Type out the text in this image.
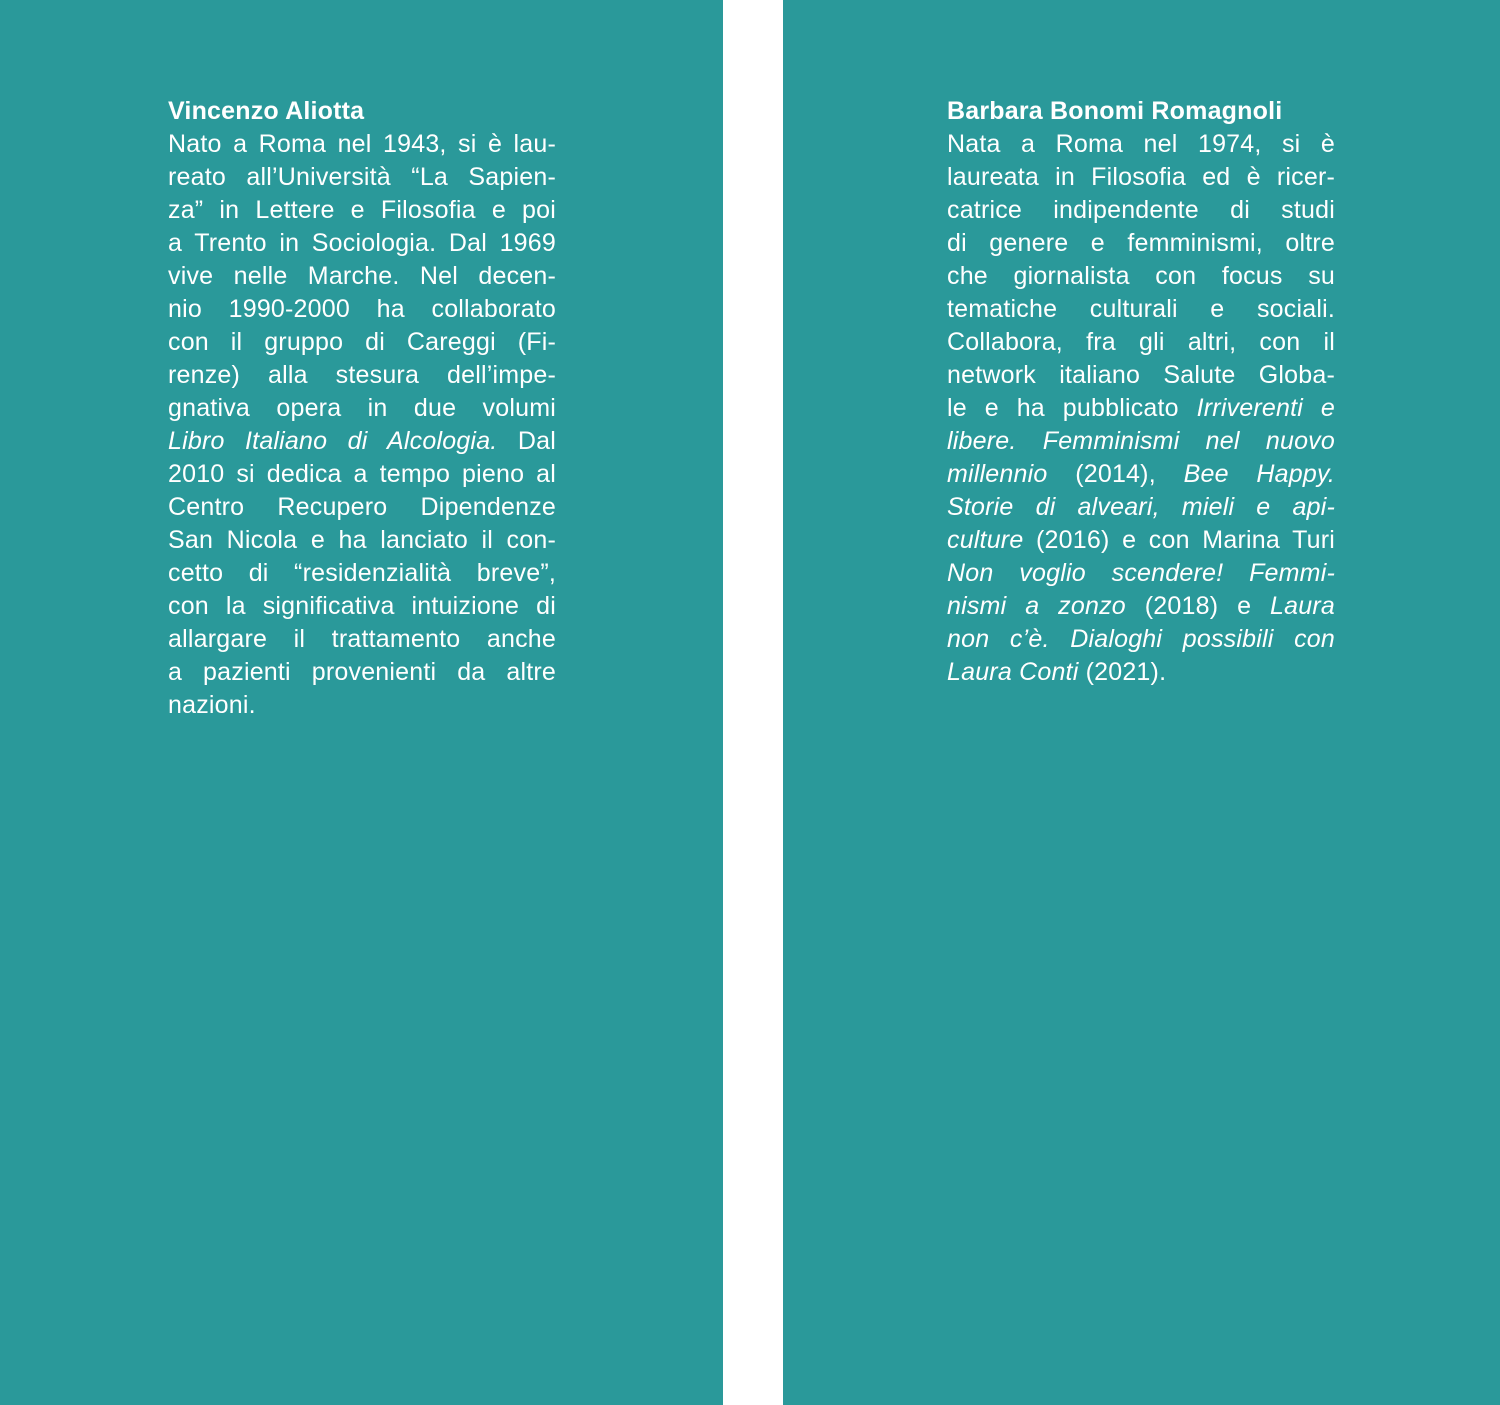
Vincenzo Aliotta
Nato a Roma nel 1943, si è lau-
reato all’Università “La Sapien-
za” in Lettere e Filosofia e poi
a Trento in Sociologia. Dal 1969
vive nelle Marche. Nel decen-
nio 1990-2000 ha collaborato
con il gruppo di Careggi (Fi-
renze) alla stesura dell’impe-
gnativa opera in due volumi
Libro Italiano di Alcologia. Dal
2010 si dedica a tempo pieno al
Centro Recupero Dipendenze
San Nicola e ha lanciato il con-
cetto di “residenzialità breve”,
con la significativa intuizione di
allargare il trattamento anche
a pazienti provenienti da altre
nazioni.
Barbara Bonomi Romagnoli
Nata a Roma nel 1974, si è
laureata in Filosofia ed è ricer-
catrice indipendente di studi
di genere e femminismi, oltre
che giornalista con focus su
tematiche culturali e sociali.
Collabora, fra gli altri, con il
network italiano Salute Globa-
le e ha pubblicato Irriverenti e
libere. Femminismi nel nuovo
millennio (2014), Bee Happy.
Storie di alveari, mieli e api-
culture (2016) e con Marina Turi
Non voglio scendere! Femmi-
nismi a zonzo (2018) e Laura
non c’è. Dialoghi possibili con
Laura Conti (2021).
